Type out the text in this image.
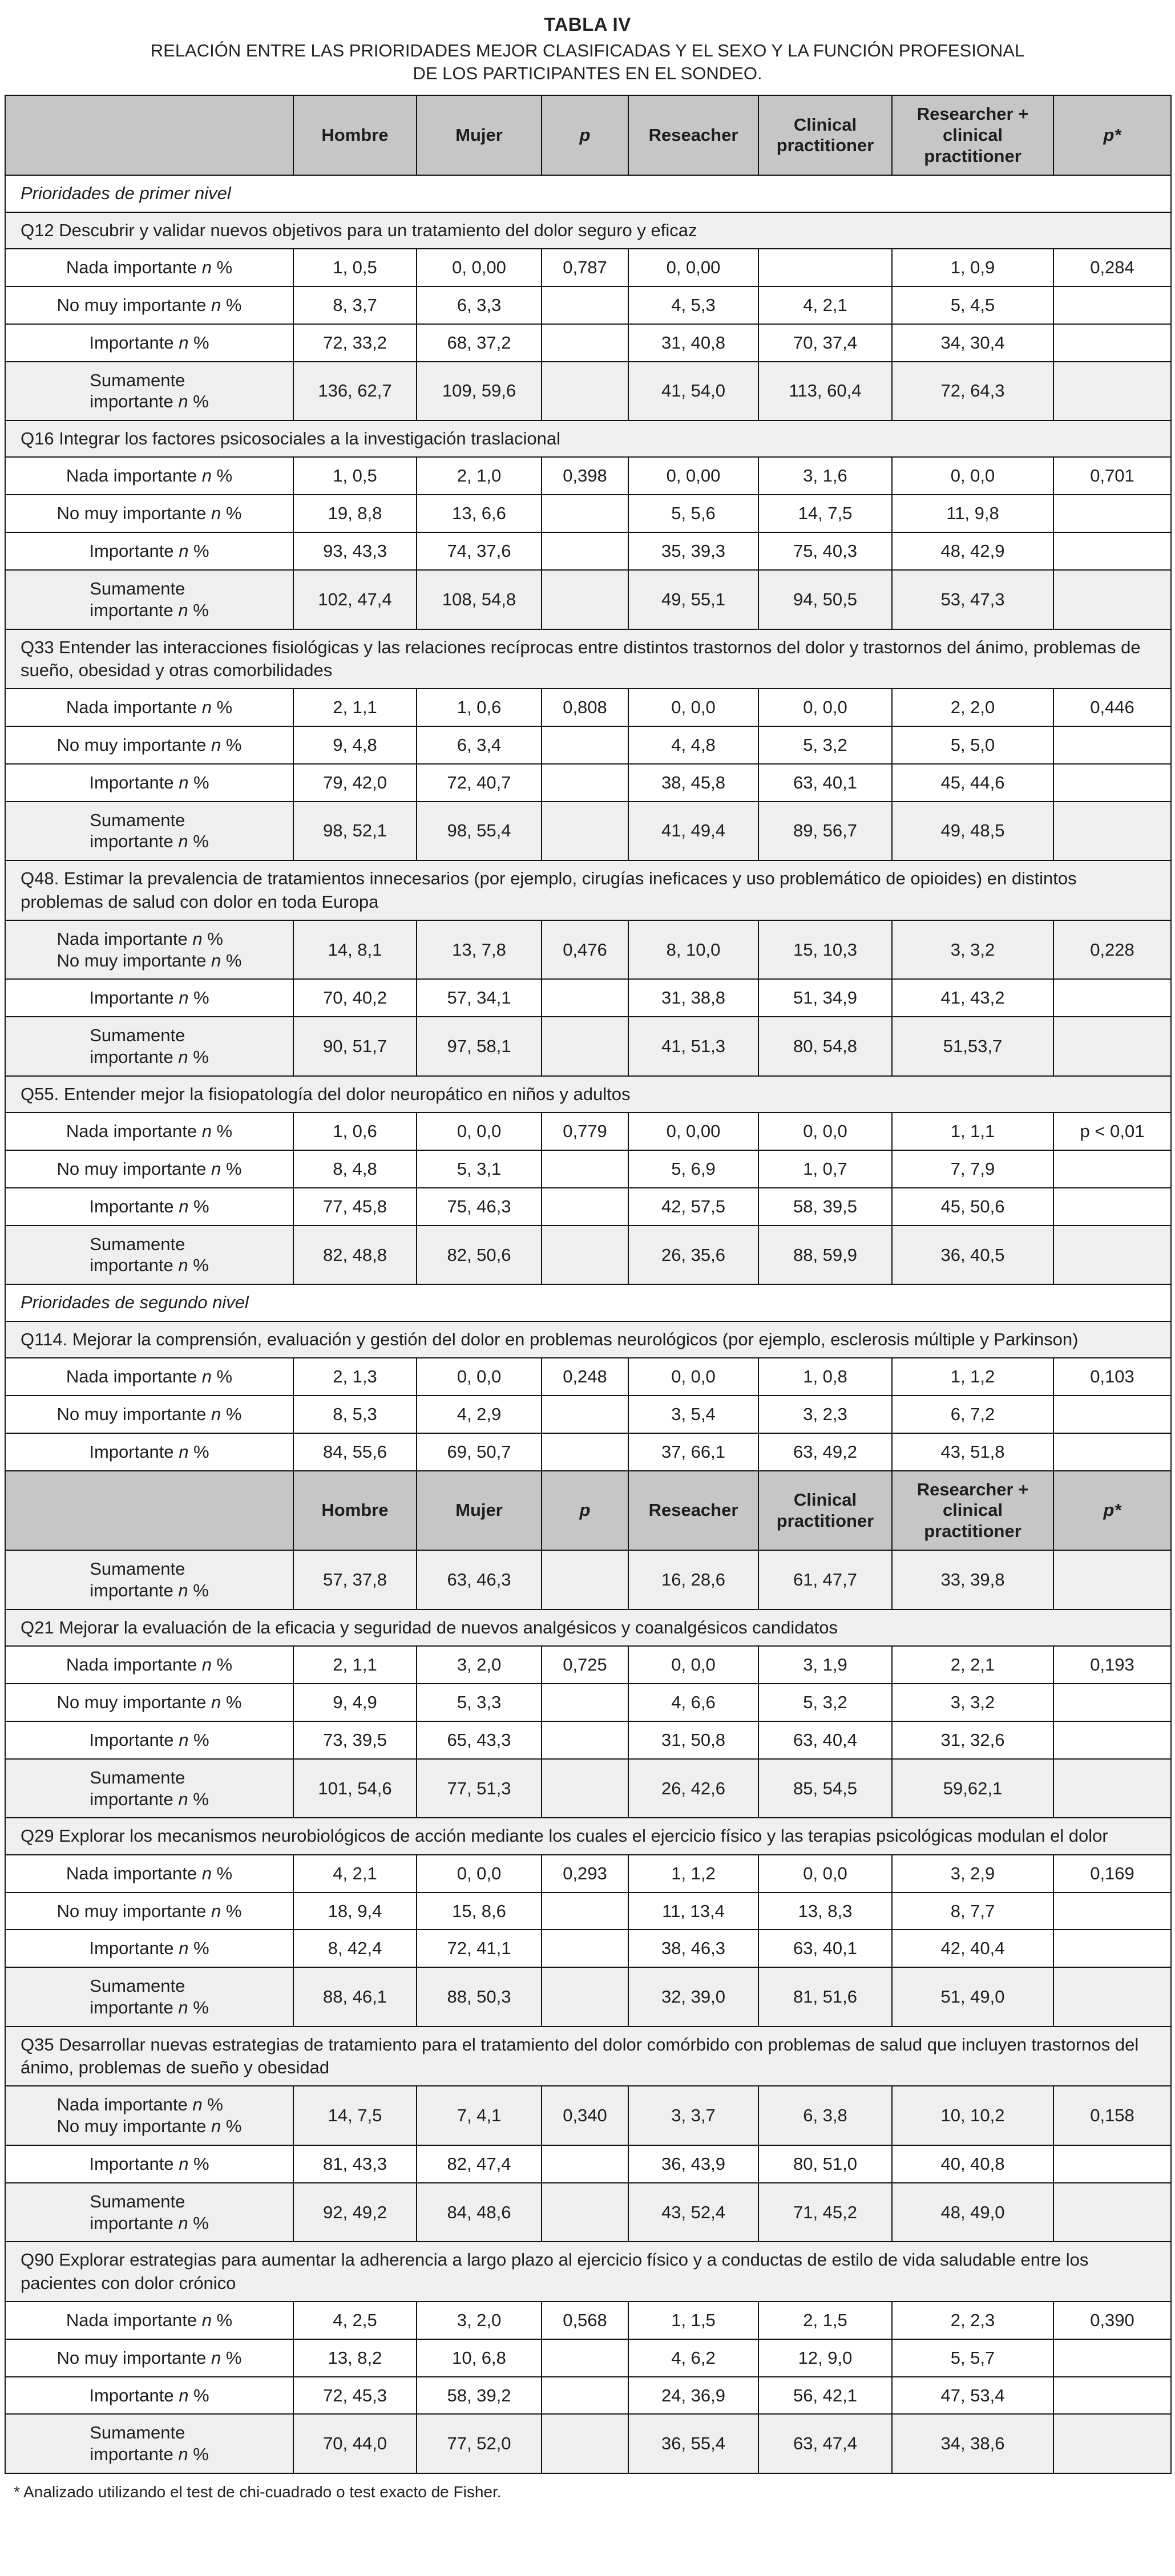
TABLA IV
RELACIÓN ENTRE LAS PRIORIDADES MEJOR CLASIFICADAS Y EL SEXO Y LA FUNCIÓN PROFESIONAL
DE LOS PARTICIPANTES EN EL SONDEO.
	Hombre	Mujer	p	Reseacher	Clinical practitioner	Researcher + clinical practitioner	p*
Prioridades de primer nivel							
Q12 Descubrir y validar nuevos objetivos para un tratamiento del dolor seguro y eficaz							

Nada importante n %	1, 0,5	0, 0,00	0,787	0, 0,00		1, 0,9	0,284

No muy importante n %	8, 3,7	6, 3,3		4, 5,3	4, 2,1	5, 4,5	

Importante n %	72, 33,2	68, 37,2		31, 40,8	70, 37,4	34, 30,4	

Sumamente
importante n %	136, 62,7	109, 59,6		41, 54,0	113, 60,4	72, 64,3	
Q16 Integrar los factores psicosociales a la investigación traslacional							

Nada importante n %	1, 0,5	2, 1,0	0,398	0, 0,00	3, 1,6	0, 0,0	0,701

No muy importante n %	19, 8,8	13, 6,6		5, 5,6	14, 7,5	11, 9,8	

Importante n %	93, 43,3	74, 37,6		35, 39,3	75, 40,3	48, 42,9	

Sumamente
importante n %	102, 47,4	108, 54,8		49, 55,1	94, 50,5	53, 47,3	
Q33 Entender las interacciones fisiológicas y las relaciones recíprocas entre distintos trastornos del dolor y trastornos del ánimo, problemas de sueño, obesidad y otras comorbilidades							

Nada importante n %	2, 1,1	1, 0,6	0,808	0, 0,0	0, 0,0	2, 2,0	0,446

No muy importante n %	9, 4,8	6, 3,4		4, 4,8	5, 3,2	5, 5,0	

Importante n %	79, 42,0	72, 40,7		38, 45,8	63, 40,1	45, 44,6	

Sumamente
importante n %	98, 52,1	98, 55,4		41, 49,4	89, 56,7	49, 48,5	
Q48. Estimar la prevalencia de tratamientos innecesarios (por ejemplo, cirugías ineficaces y uso problemático de opioides) en distintos problemas de salud con dolor en toda Europa							

Nada importante n %
No muy importante n %	14, 8,1	13, 7,8	0,476	8, 10,0	15, 10,3	3, 3,2	0,228

Importante n %	70, 40,2	57, 34,1		31, 38,8	51, 34,9	41, 43,2	

Sumamente
importante n %	90, 51,7	97, 58,1		41, 51,3	80, 54,8	51,53,7	
Q55. Entender mejor la fisiopatología del dolor neuropático en niños y adultos							

Nada importante n %	1, 0,6	0, 0,0	0,779	0, 0,00	0, 0,0	1, 1,1	p < 0,01

No muy importante n %	8, 4,8	5, 3,1		5, 6,9	1, 0,7	7, 7,9	

Importante n %	77, 45,8	75, 46,3		42, 57,5	58, 39,5	45, 50,6	

Sumamente
importante n %	82, 48,8	82, 50,6		26, 35,6	88, 59,9	36, 40,5	
Prioridades de segundo nivel							
Q114. Mejorar la comprensión, evaluación y gestión del dolor en problemas neurológicos (por ejemplo, esclerosis múltiple y Parkinson)							

Nada importante n %	2, 1,3	0, 0,0	0,248	0, 0,0	1, 0,8	1, 1,2	0,103

No muy importante n %	8, 5,3	4, 2,9		3, 5,4	3, 2,3	6, 7,2	

Importante n %	84, 55,6	69, 50,7		37, 66,1	63, 49,2	43, 51,8	
	Hombre	Mujer	p	Reseacher	Clinical practitioner	Researcher + clinical practitioner	p*

Sumamente
importante n %	57, 37,8	63, 46,3		16, 28,6	61, 47,7	33, 39,8	
Q21 Mejorar la evaluación de la eficacia y seguridad de nuevos analgésicos y coanalgésicos candidatos							

Nada importante n %	2, 1,1	3, 2,0	0,725	0, 0,0	3, 1,9	2, 2,1	0,193

No muy importante n %	9, 4,9	5, 3,3		4, 6,6	5, 3,2	3, 3,2	

Importante n %	73, 39,5	65, 43,3		31, 50,8	63, 40,4	31, 32,6	

Sumamente
importante n %	101, 54,6	77, 51,3		26, 42,6	85, 54,5	59,62,1	
Q29 Explorar los mecanismos neurobiológicos de acción mediante los cuales el ejercicio físico y las terapias psicológicas modulan el dolor							

Nada importante n %	4, 2,1	0, 0,0	0,293	1, 1,2	0, 0,0	3, 2,9	0,169

No muy importante n %	18, 9,4	15, 8,6		11, 13,4	13, 8,3	8, 7,7	

Importante n %	8, 42,4	72, 41,1		38, 46,3	63, 40,1	42, 40,4	

Sumamente
importante n %	88, 46,1	88, 50,3		32, 39,0	81, 51,6	51, 49,0	
Q35 Desarrollar nuevas estrategias de tratamiento para el tratamiento del dolor comórbido con problemas de salud que incluyen trastornos del ánimo, problemas de sueño y obesidad							

Nada importante n %
No muy importante n %	14, 7,5	7, 4,1	0,340	3, 3,7	6, 3,8	10, 10,2	0,158

Importante n %	81, 43,3	82, 47,4		36, 43,9	80, 51,0	40, 40,8	

Sumamente
importante n %	92, 49,2	84, 48,6		43, 52,4	71, 45,2	48, 49,0	
Q90 Explorar estrategias para aumentar la adherencia a largo plazo al ejercicio físico y a conductas de estilo de vida saludable entre los pacientes con dolor crónico							

Nada importante n %	4, 2,5	3, 2,0	0,568	1, 1,5	2, 1,5	2, 2,3	0,390

No muy importante n %	13, 8,2	10, 6,8		4, 6,2	12, 9,0	5, 5,7	

Importante n %	72, 45,3	58, 39,2		24, 36,9	56, 42,1	47, 53,4	

Sumamente
importante n %	70, 44,0	77, 52,0		36, 55,4	63, 47,4	34, 38,6	
* Analizado utilizando el test de chi-cuadrado o test exacto de Fisher.
